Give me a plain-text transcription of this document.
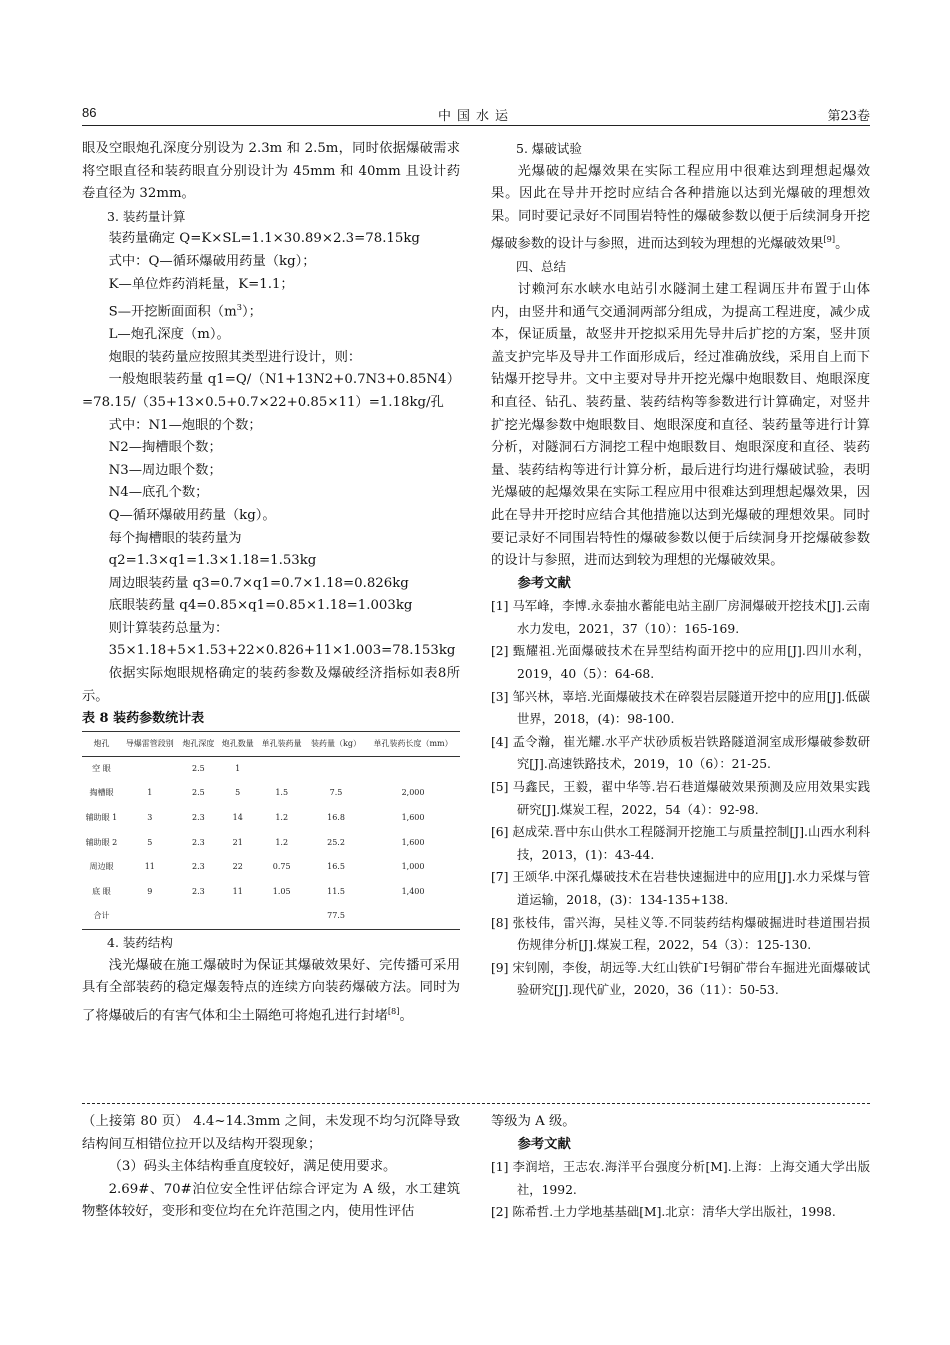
86	中国水运	第23卷

眼及空眼炮孔深度分别设为 2.3m 和 2.5m，同时依据爆破需求将空眼直径和装药眼直分别设计为 45mm 和 40mm 且设计药卷直径为 32mm。

3. 装药量计算

装药量确定 Q=K×SL=1.1×30.89×2.3=78.15kg

式中：Q—循环爆破用药量（kg）；

K—单位炸药消耗量，K=1.1；

S—开挖断面面积$(m^3)$；

L—炮孔深度（m）。

炮眼的装药量应按照其类型进行设计，则：

一般炮眼装药量 q1=Q/（N1+13N2+0.7N3+0.85N4）=78.15/（35+13×0.5+0.7×22+0.85×11）=1.18kg/孔

式中：N1—炮眼的个数；

N2—掏槽眼个数；

N3—周边眼个数；

N4—底孔个数；

Q—循环爆破用药量（kg）。

每个掏槽眼的装药量为

q2=1.3×q1=1.3×1.18=1.53kg

周边眼装药量 q3=0.7×q1=0.7×1.18=0.826kg

底眼装药量 q4=0.85×q1=0.85×1.18=1.003kg

则计算装药总量为：

35×1.18+5×1.53+22×0.826+11×1.003=78.153kg

依据实际炮眼规格确定的装药参数及爆破经济指标如表8所示。

表 8 装药参数统计表

炮孔	导爆雷管段别	炮孔深度	炮孔数量	单孔装药量	装药量（kg）	单孔装药长度（mm）
空 眼		2.5	1			
掏槽眼	1	2.5	5	1.5	7.5	2,000
辅助眼 1	3	2.3	14	1.2	16.8	1,600
辅助眼 2	5	2.3	21	1.2	25.2	1,600
周边眼	11	2.3	22	0.75	16.5	1,000
底 眼	9	2.3	11	1.05	11.5	1,400
合计					77.5	

4. 装药结构

浅光爆破在施工爆破时为保证其爆破效果好、完传播可采用具有全部装药的稳定爆轰特点的连续方向装药爆破方法。同时为了将爆破后的有害气体和尘土隔绝可将炮孔进行封堵[8]。

5. 爆破试验

光爆破的起爆效果在实际工程应用中很难达到理想起爆效果。因此在导井开挖时应结合各种措施以达到光爆破的理想效果。同时要记录好不同围岩特性的爆破参数以便于后续洞身开挖爆破参数的设计与参照，进而达到较为理想的光爆破效果[9]。

四、总结

讨赖河东水峡水电站引水隧洞土建工程调压井布置于山体内，由竖井和通气交通洞两部分组成，为提高工程进度，减少成本，保证质量，故竖井开挖拟采用先导井后扩挖的方案，竖井顶盖支护完毕及导井工作面形成后，经过准确放线，采用自上而下钻爆开挖导井。文中主要对导井开挖光爆中炮眼数目、炮眼深度和直径、钻孔、装药量、装药结构等参数进行计算确定，对竖井扩挖光爆参数中炮眼数目、炮眼深度和直径、装药量等进行计算分析，对隧洞石方洞挖工程中炮眼数目、炮眼深度和直径、装药量、装药结构等进行计算分析，最后进行均进行爆破试验，表明光爆破的起爆效果在实际工程应用中很难达到理想起爆效果，因此在导井开挖时应结合其他措施以达到光爆破的理想效果。同时要记录好不同围岩特性的爆破参数以便于后续洞身开挖爆破参数的设计与参照，进而达到较为理想的光爆破效果。

参考文献

[1] 马军峰，李博.永泰抽水蓄能电站主副厂房洞爆破开挖技术[J].云南水力发电，2021，37（10）：165-169.

[2] 甄耀祖.光面爆破技术在异型结构面开挖中的应用[J].四川水利，2019，40（5）：64-68.

[3] 邹兴林，辜培.光面爆破技术在碎裂岩层隧道开挖中的应用[J].低碳世界，2018，(4)：98-100.

[4] 孟令瀚，崔光耀.水平产状砂质板岩铁路隧道洞室成形爆破参数研究[J].高速铁路技术，2019，10（6）：21-25.

[5] 马鑫民，王毅，翟中华等.岩石巷道爆破效果预测及应用效果实践研究[J].煤炭工程，2022，54（4）：92-98.

[6] 赵成荣.晋中东山供水工程隧洞开挖施工与质量控制[J].山西水利科技，2013，(1)：43-44.

[7] 王颂华.中深孔爆破技术在岩巷快速掘进中的应用[J].水力采煤与管道运输，2018，(3)：134-135+138.

[8] 张枝伟，雷兴海，吴桂义等.不同装药结构爆破掘进时巷道围岩损伤规律分析[J].煤炭工程，2022，54（3）：125-130.

[9] 宋钊刚，李俊，胡远等.大红山铁矿Ⅰ号铜矿带台车掘进光面爆破试验研究[J].现代矿业，2020，36（11）：50-53.

（上接第 80 页） 4.4~14.3mm 之间，未发现不均匀沉降导致结构间互相错位拉开以及结构开裂现象；

（3）码头主体结构垂直度较好，满足使用要求。

2.69#、70#泊位安全性评估综合评定为 A 级，水工建筑物整体较好，变形和变位均在允许范围之内，使用性评估

等级为 A 级。

参考文献

[1] 李润培，王志农.海洋平台强度分析[M].上海：上海交通大学出版社，1992.

[2] 陈希哲.土力学地基基础[M].北京：清华大学出版社，1998.
